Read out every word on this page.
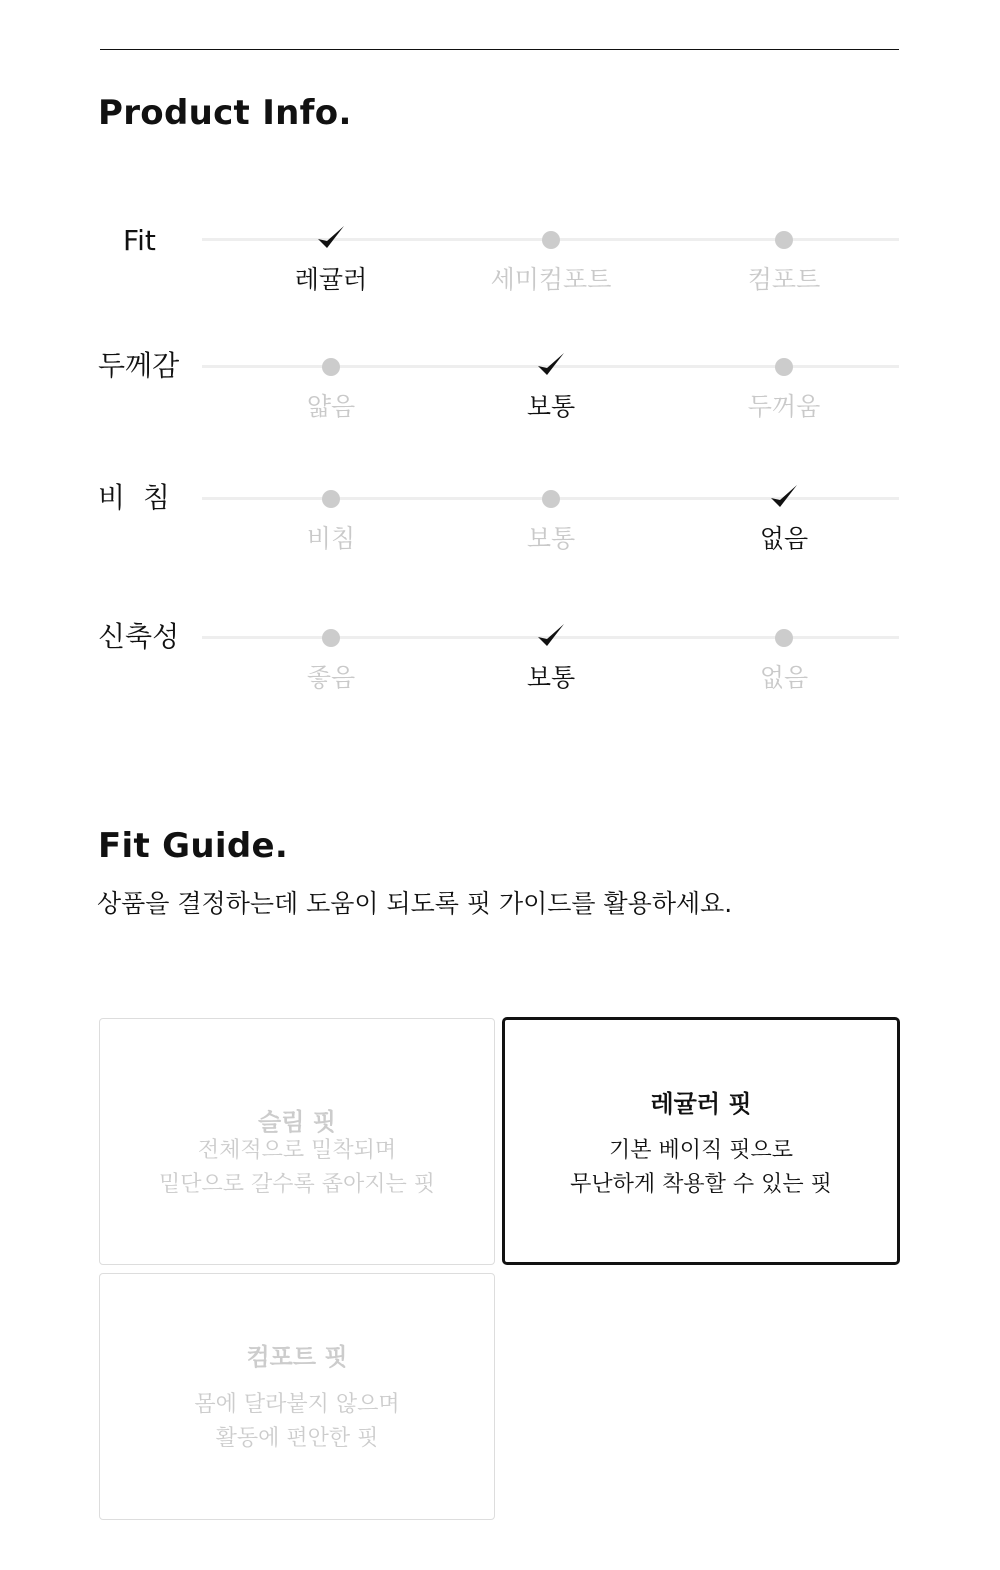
Product Info.
Fit
레귤러	세미컴포트	컴포트
두께감
얇음	보통	두꺼움
비  침
비침	보통	없음
신축성
좋음	보통	없음
Fit Guide.

상품을 결정하는데 도움이 되도록 핏 가이드를 활용하세요.

슬림 핏
전체적으로 밀착되며
밑단으로 갈수록 좁아지는 핏
레귤러 핏
기본 베이직 핏으로
무난하게 착용할 수 있는 핏
컴포트 핏
몸에 달라붙지 않으며
활동에 편안한 핏
